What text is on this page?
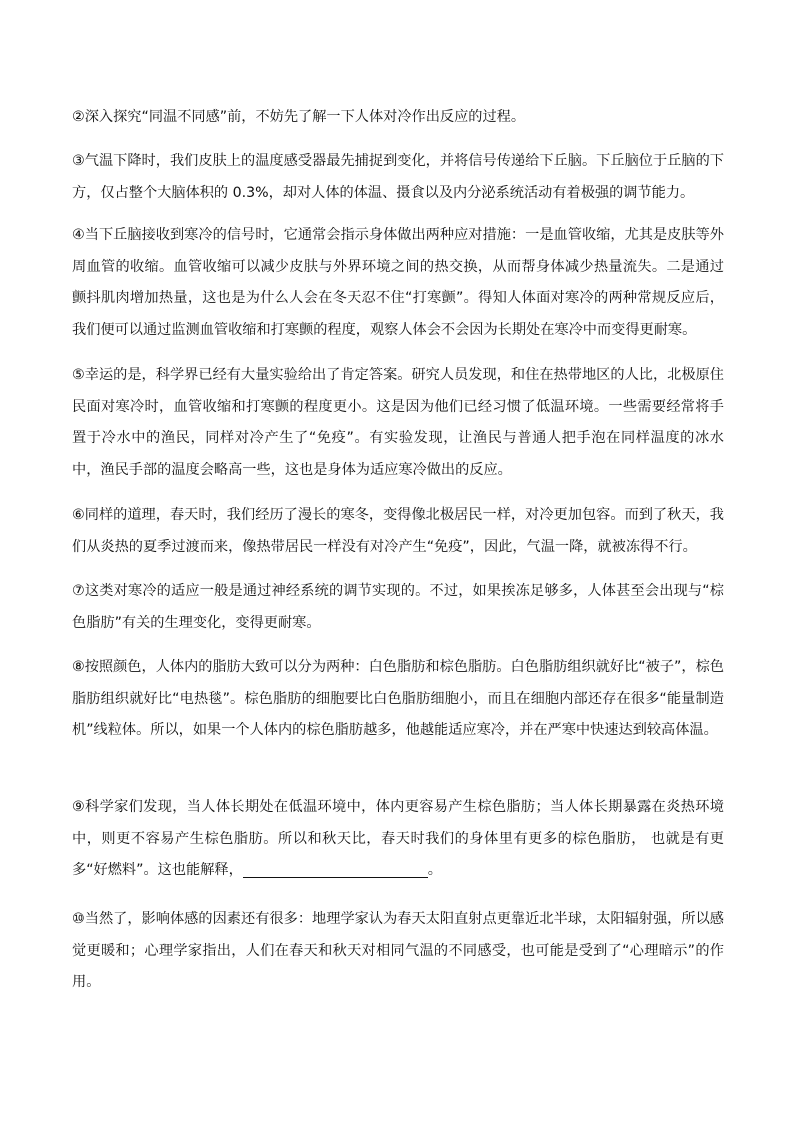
②深入探究“同温不同感”前，不妨先了解一下人体对冷作出反应的过程。

③气温下降时，我们皮肤上的温度感受器最先捕捉到变化，并将信号传递给下丘脑。下丘脑位于丘脑的下方，仅占整个大脑体积的 0.3%，却对人体的体温、摄食以及内分泌系统活动有着极强的调节能力。

④当下丘脑接收到寒冷的信号时，它通常会指示身体做出两种应对措施：一是血管收缩，尤其是皮肤等外周血管的收缩。血管收缩可以减少皮肤与外界环境之间的热交换，从而帮身体减少热量流失。二是通过颤抖肌肉增加热量，这也是为什么人会在冬天忍不住“打寒颤”。得知人体面对寒冷的两种常规反应后，我们便可以通过监测血管收缩和打寒颤的程度，观察人体会不会因为长期处在寒冷中而变得更耐寒。

⑤幸运的是，科学界已经有大量实验给出了肯定答案。研究人员发现，和住在热带地区的人比，北极原住民面对寒冷时，血管收缩和打寒颤的程度更小。这是因为他们已经习惯了低温环境。一些需要经常将手置于冷水中的渔民，同样对冷产生了“免疫”。有实验发现，让渔民与普通人把手泡在同样温度的冰水中，渔民手部的温度会略高一些，这也是身体为适应寒冷做出的反应。

⑥同样的道理，春天时，我们经历了漫长的寒冬，变得像北极居民一样，对冷更加包容。而到了秋天，我们从炎热的夏季过渡而来，像热带居民一样没有对冷产生“免疫”，因此，气温一降，就被冻得不行。

⑦这类对寒冷的适应一般是通过神经系统的调节实现的。不过，如果挨冻足够多，人体甚至会出现与“棕色脂肪”有关的生理变化，变得更耐寒。

⑧按照颜色，人体内的脂肪大致可以分为两种：白色脂肪和棕色脂肪。白色脂肪组织就好比“被子”，棕色脂肪组织就好比“电热毯”。棕色脂肪的细胞要比白色脂肪细胞小，而且在细胞内部还存在很多“能量制造机”线粒体。所以，如果一个人体内的棕色脂肪越多，他越能适应寒冷，并在严寒中快速达到较高体温。

⑨科学家们发现，当人体长期处在低温环境中，体内更容易产生棕色脂肪；当人体长期暴露在炎热环境中，则更不容易产生棕色脂肪。所以和秋天比，春天时我们的身体里有更多的棕色脂肪， 也就是有更多“好燃料”。这也能解释，	。

⑩当然了，影响体感的因素还有很多：地理学家认为春天太阳直射点更靠近北半球，太阳辐射强，所以感觉更暖和；心理学家指出，人们在春天和秋天对相同气温的不同感受，也可能是受到了“心理暗示”的作用。
